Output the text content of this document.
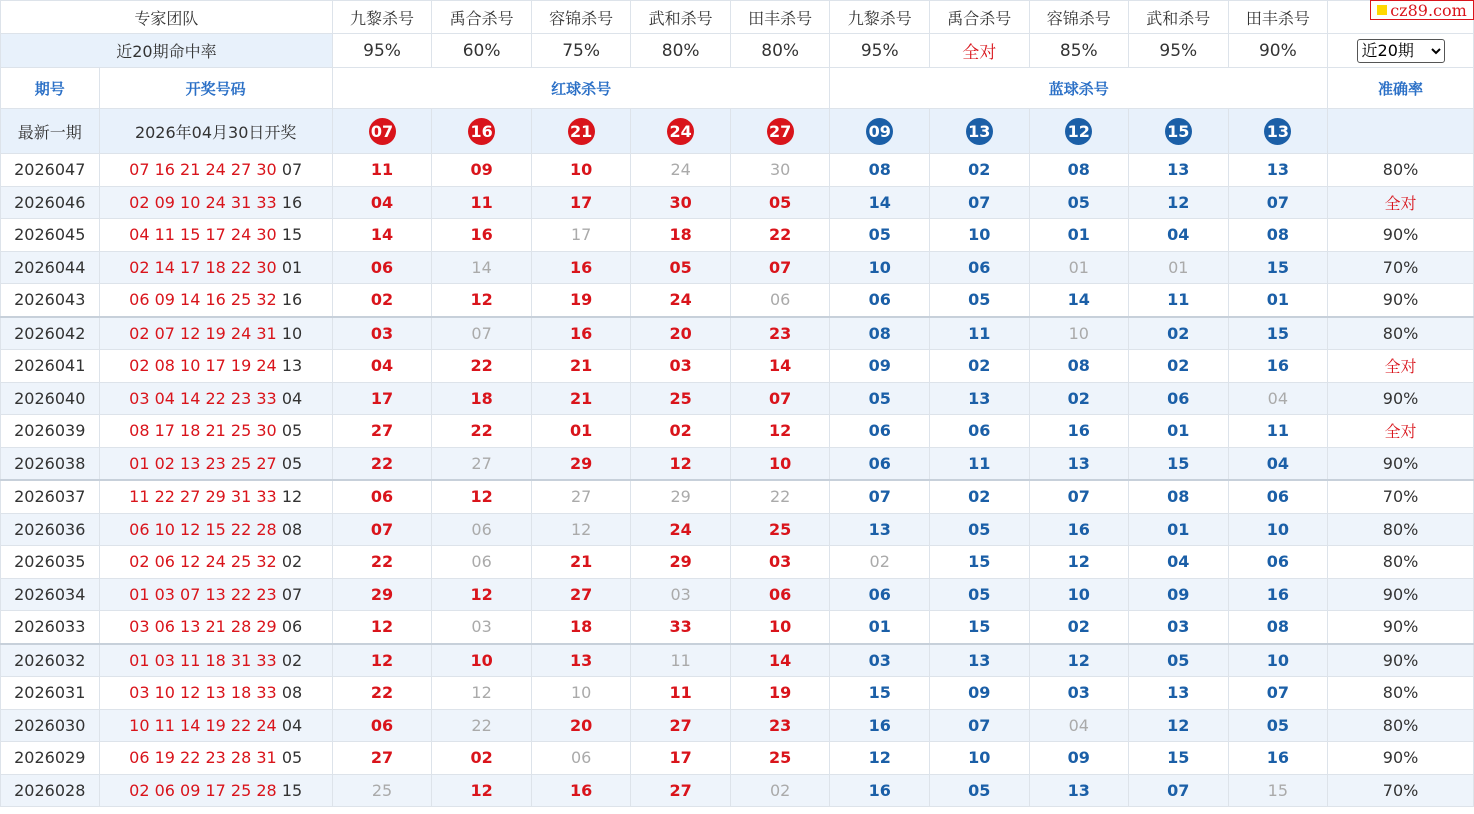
cz89.com
专家团队		九黎杀号	禹合杀号	容锦杀号	武和杀号	田丰杀号	九黎杀号	禹合杀号	容锦杀号	武和杀号	田丰杀号	
近20期命中率		95%	60%	75%	80%	80%	95%	全对	85%	95%	90%	
近20期
期号	开奖号码	红球杀号					蓝球杀号					准确率
最新一期	2026年04月30日开奖	07	16	21	24	27	09	13	12	15	13	
2026047	07 16 21 24 27 30 07	11	09	10	24	30	08	02	08	13	13	80%
2026046	02 09 10 24 31 33 16	04	11	17	30	05	14	07	05	12	07	全对
2026045	04 11 15 17 24 30 15	14	16	17	18	22	05	10	01	04	08	90%
2026044	02 14 17 18 22 30 01	06	14	16	05	07	10	06	01	01	15	70%
2026043	06 09 14 16 25 32 16	02	12	19	24	06	06	05	14	11	01	90%
2026042	02 07 12 19 24 31 10	03	07	16	20	23	08	11	10	02	15	80%
2026041	02 08 10 17 19 24 13	04	22	21	03	14	09	02	08	02	16	全对
2026040	03 04 14 22 23 33 04	17	18	21	25	07	05	13	02	06	04	90%
2026039	08 17 18 21 25 30 05	27	22	01	02	12	06	06	16	01	11	全对
2026038	01 02 13 23 25 27 05	22	27	29	12	10	06	11	13	15	04	90%
2026037	11 22 27 29 31 33 12	06	12	27	29	22	07	02	07	08	06	70%
2026036	06 10 12 15 22 28 08	07	06	12	24	25	13	05	16	01	10	80%
2026035	02 06 12 24 25 32 02	22	06	21	29	03	02	15	12	04	06	80%
2026034	01 03 07 13 22 23 07	29	12	27	03	06	06	05	10	09	16	90%
2026033	03 06 13 21 28 29 06	12	03	18	33	10	01	15	02	03	08	90%
2026032	01 03 11 18 31 33 02	12	10	13	11	14	03	13	12	05	10	90%
2026031	03 10 12 13 18 33 08	22	12	10	11	19	15	09	03	13	07	80%
2026030	10 11 14 19 22 24 04	06	22	20	27	23	16	07	04	12	05	80%
2026029	06 19 22 23 28 31 05	27	02	06	17	25	12	10	09	15	16	90%
2026028	02 06 09 17 25 28 15	25	12	16	27	02	16	05	13	07	15	70%
